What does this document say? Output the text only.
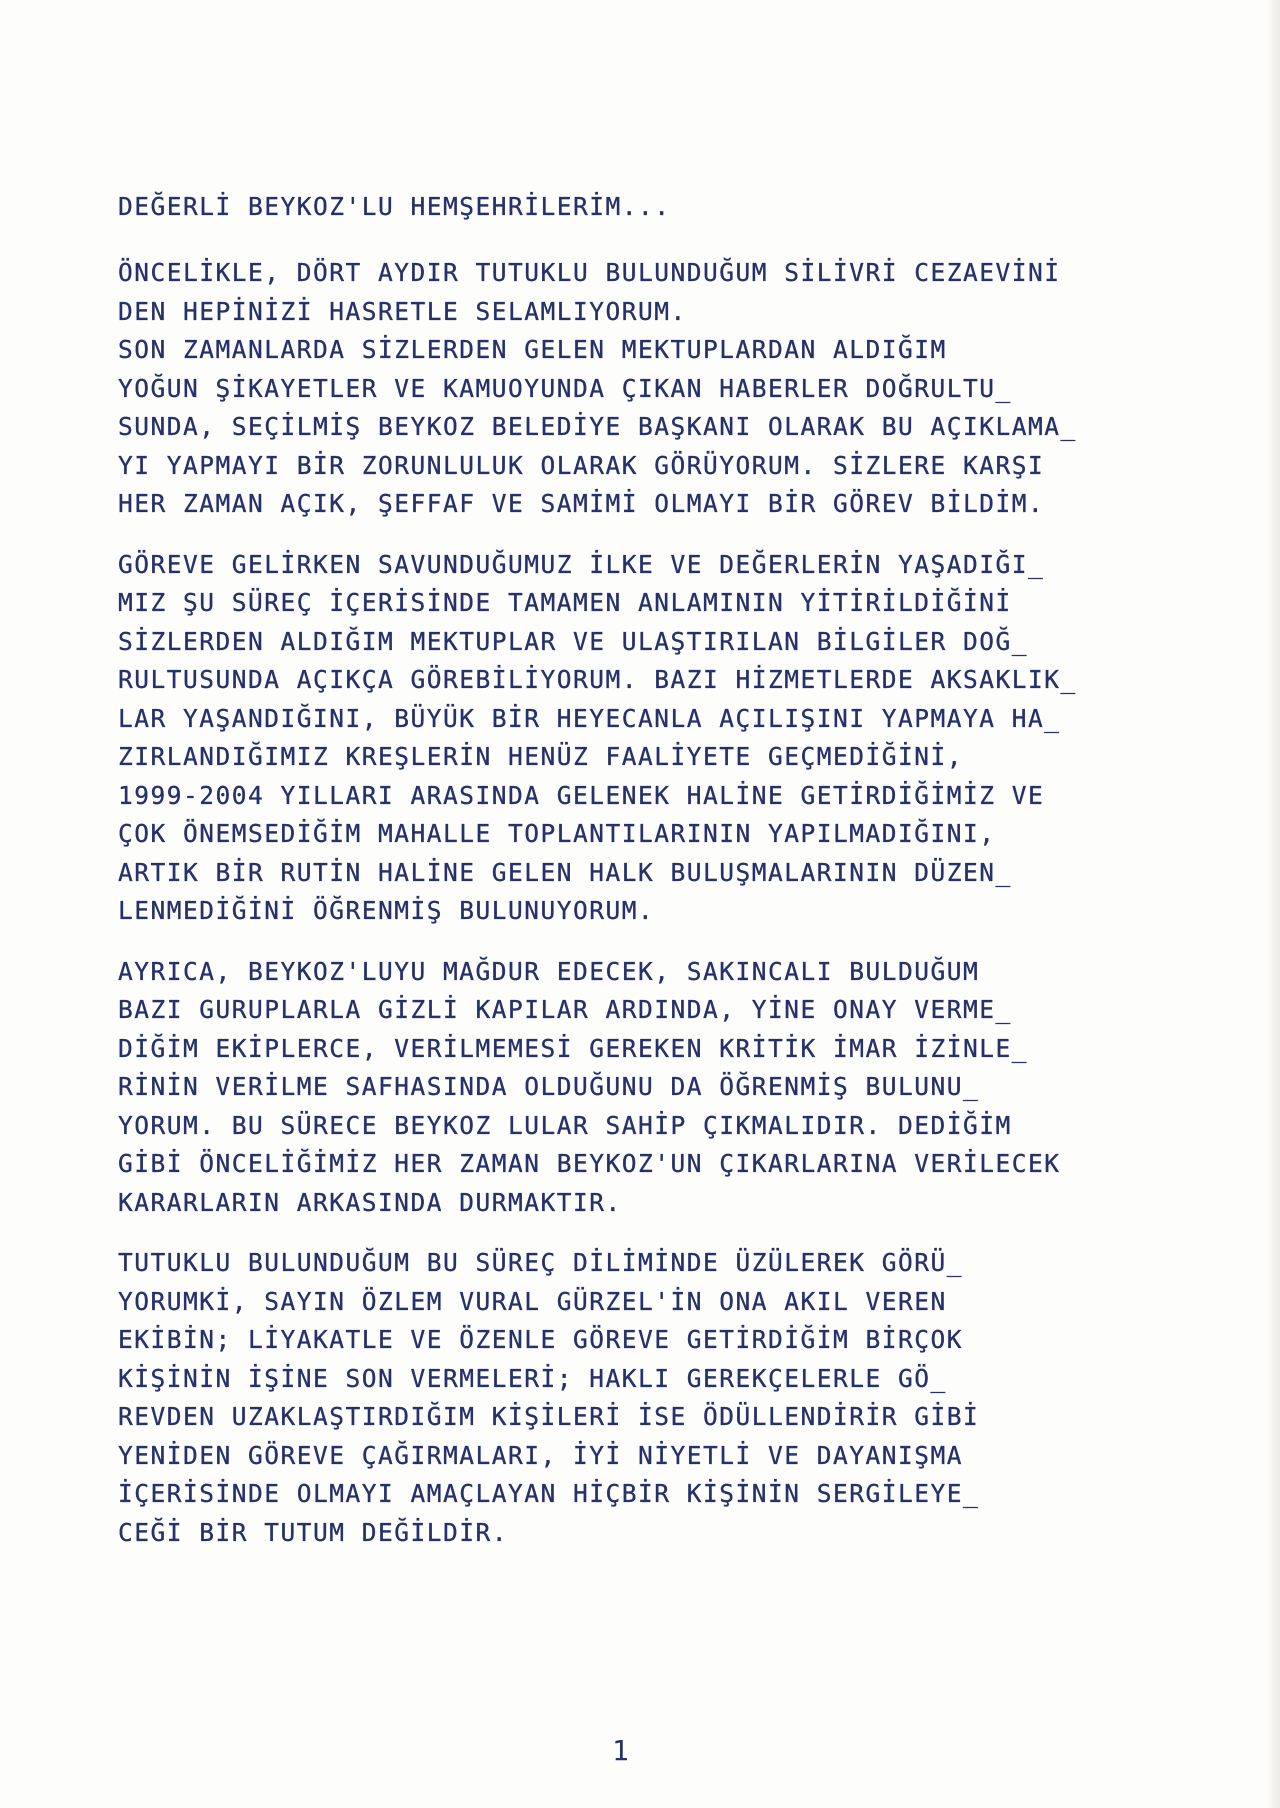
DEĞERLİ BEYKOZ'LU HEMŞEHRİLERİM...
ÖNCELİKLE, DÖRT AYDIR TUTUKLU BULUNDUĞUM SİLİVRİ CEZAEVİNİ
DEN HEPİNİZİ HASRETLE SELAMLIYORUM.
SON ZAMANLARDA SİZLERDEN GELEN MEKTUPLARDAN ALDIĞIM
YOĞUN ŞİKAYETLER VE KAMUOYUNDA ÇIKAN HABERLER DOĞRULTU_
SUNDA, SEÇİLMİŞ BEYKOZ BELEDİYE BAŞKANI OLARAK BU AÇIKLAMA_
YI YAPMAYI BİR ZORUNLULUK OLARAK GÖRÜYORUM. SİZLERE KARŞI
HER ZAMAN AÇIK, ŞEFFAF VE SAMİMİ OLMAYI BİR GÖREV BİLDİM.
GÖREVE GELİRKEN SAVUNDUĞUMUZ İLKE VE DEĞERLERİN YAŞADIĞI_
MIZ ŞU SÜREÇ İÇERİSİNDE TAMAMEN ANLAMININ YİTİRİLDİĞİNİ
SİZLERDEN ALDIĞIM MEKTUPLAR VE ULAŞTIRILAN BİLGİLER DOĞ_
RULTUSUNDA AÇIKÇA GÖREBİLİYORUM. BAZI HİZMETLERDE AKSAKLIK_
LAR YAŞANDIĞINI, BÜYÜK BİR HEYECANLA AÇILIŞINI YAPMAYA HA_
ZIRLANDIĞIMIZ KREŞLERİN HENÜZ FAALİYETE GEÇMEDİĞİNİ,
1999-2004 YILLARI ARASINDA GELENEK HALİNE GETİRDİĞİMİZ VE
ÇOK ÖNEMSEDİĞİM MAHALLE TOPLANTILARININ YAPILMADIĞINI,
ARTIK BİR RUTİN HALİNE GELEN HALK BULUŞMALARININ DÜZEN_
LENMEDİĞİNİ ÖĞRENMİŞ BULUNUYORUM.
AYRICA, BEYKOZ'LUYU MAĞDUR EDECEK, SAKINCALI BULDUĞUM
BAZI GURUPLARLA GİZLİ KAPILAR ARDINDA, YİNE ONAY VERME_
DİĞİM EKİPLERCE, VERİLMEMESİ GEREKEN KRİTİK İMAR İZİNLE_
RİNİN VERİLME SAFHASINDA OLDUĞUNU DA ÖĞRENMİŞ BULUNU_
YORUM. BU SÜRECE BEYKOZ LULAR SAHİP ÇIKMALIDIR. DEDİĞİM
GİBİ ÖNCELİĞİMİZ HER ZAMAN BEYKOZ'UN ÇIKARLARINA VERİLECEK
KARARLARIN ARKASINDA DURMAKTIR.
TUTUKLU BULUNDUĞUM BU SÜREÇ DİLİMİNDE ÜZÜLEREK GÖRÜ_
YORUMKİ, SAYIN ÖZLEM VURAL GÜRZEL'İN ONA AKIL VEREN
EKİBİN; LİYAKATLE VE ÖZENLE GÖREVE GETİRDİĞİM BİRÇOK
KİŞİNİN İŞİNE SON VERMELERİ; HAKLI GEREKÇELERLE GÖ_
REVDEN UZAKLAŞTIRDIĞIM KİŞİLERİ İSE ÖDÜLLENDİRİR GİBİ
YENİDEN GÖREVE ÇAĞIRMALARI, İYİ NİYETLİ VE DAYANIŞMA
İÇERİSİNDE OLMAYI AMAÇLAYAN HİÇBİR KİŞİNİN SERGİLEYE_
CEĞİ BİR TUTUM DEĞİLDİR.
1
